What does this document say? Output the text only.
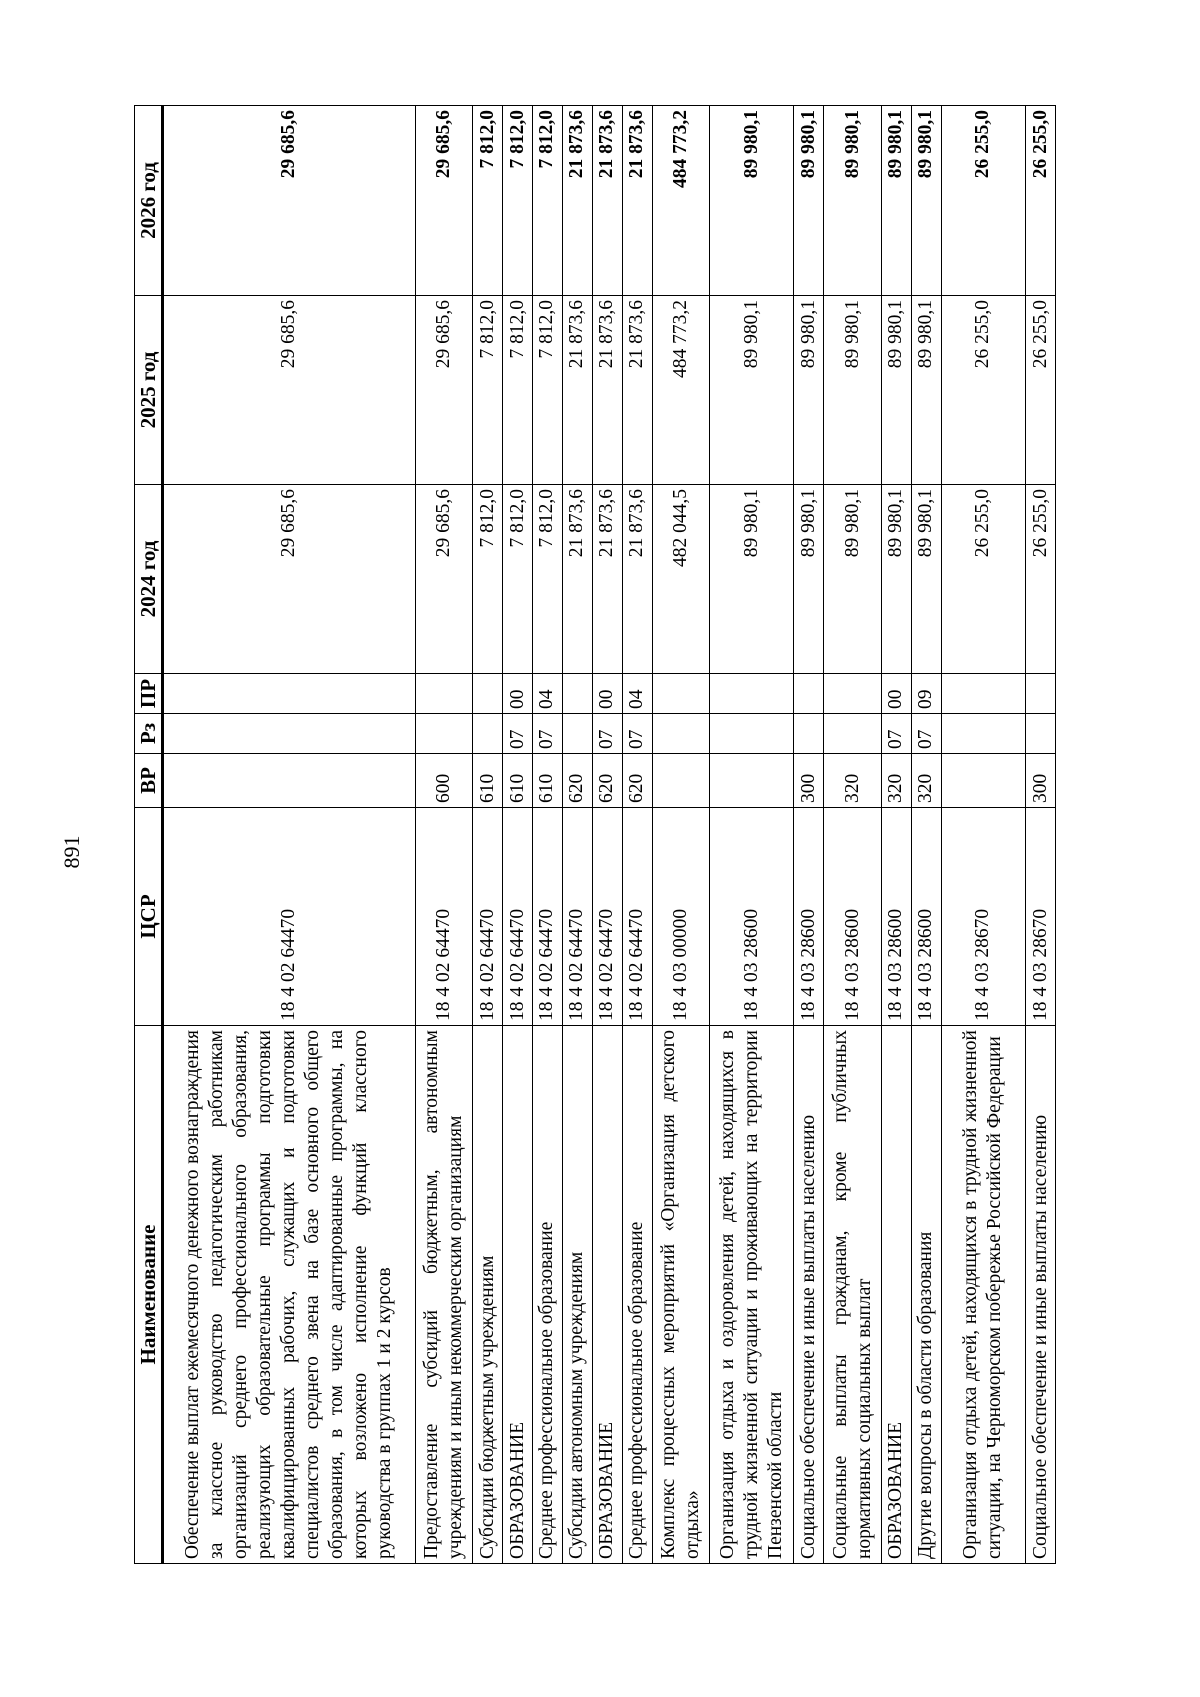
891
Наименование	ЦСР	ВР	Рз	ПР	2024 год	2025 год	2026 год
Обеспечение выплат ежемесячного денежного вознаграждения за классное руководство педагогическим работникам организаций среднего профессионального образования, реализующих образовательные программы подготовки квалифицированных рабочих, служащих и подготовки специалистов среднего звена на базе основного общего образования, в том числе адаптированные программы, на которых возложено исполнение функций классного руководства в группах 1 и 2 курсов	18 4 02 64470				29 685,6	29 685,6	29 685,6
Предоставление субсидий бюджетным, автономным учреждениям и иным некоммерческим организациям	18 4 02 64470	600			29 685,6	29 685,6	29 685,6
Субсидии бюджетным учреждениям	18 4 02 64470	610			7 812,0	7 812,0	7 812,0
ОБРАЗОВАНИЕ	18 4 02 64470	610	07	00	7 812,0	7 812,0	7 812,0
Среднее профессиональное образование	18 4 02 64470	610	07	04	7 812,0	7 812,0	7 812,0
Субсидии автономным учреждениям	18 4 02 64470	620			21 873,6	21 873,6	21 873,6
ОБРАЗОВАНИЕ	18 4 02 64470	620	07	00	21 873,6	21 873,6	21 873,6
Среднее профессиональное образование	18 4 02 64470	620	07	04	21 873,6	21 873,6	21 873,6
Комплекс процессных мероприятий «Организация детского отдыха»	18 4 03 00000				482 044,5	484 773,2	484 773,2
Организация отдыха и оздоровления детей, находящихся в трудной жизненной ситуации и проживающих на территории Пензенской области	18 4 03 28600				89 980,1	89 980,1	89 980,1
Социальное обеспечение и иные выплаты населению	18 4 03 28600	300			89 980,1	89 980,1	89 980,1
Социальные выплаты гражданам, кроме публичных нормативных социальных выплат	18 4 03 28600	320			89 980,1	89 980,1	89 980,1
ОБРАЗОВАНИЕ	18 4 03 28600	320	07	00	89 980,1	89 980,1	89 980,1
Другие вопросы в области образования	18 4 03 28600	320	07	09	89 980,1	89 980,1	89 980,1
Организация отдыха детей, находящихся в трудной жизненной ситуации, на Черноморском побережье Российской Федерации	18 4 03 28670				26 255,0	26 255,0	26 255,0
Социальное обеспечение и иные выплаты населению	18 4 03 28670	300			26 255,0	26 255,0	26 255,0
